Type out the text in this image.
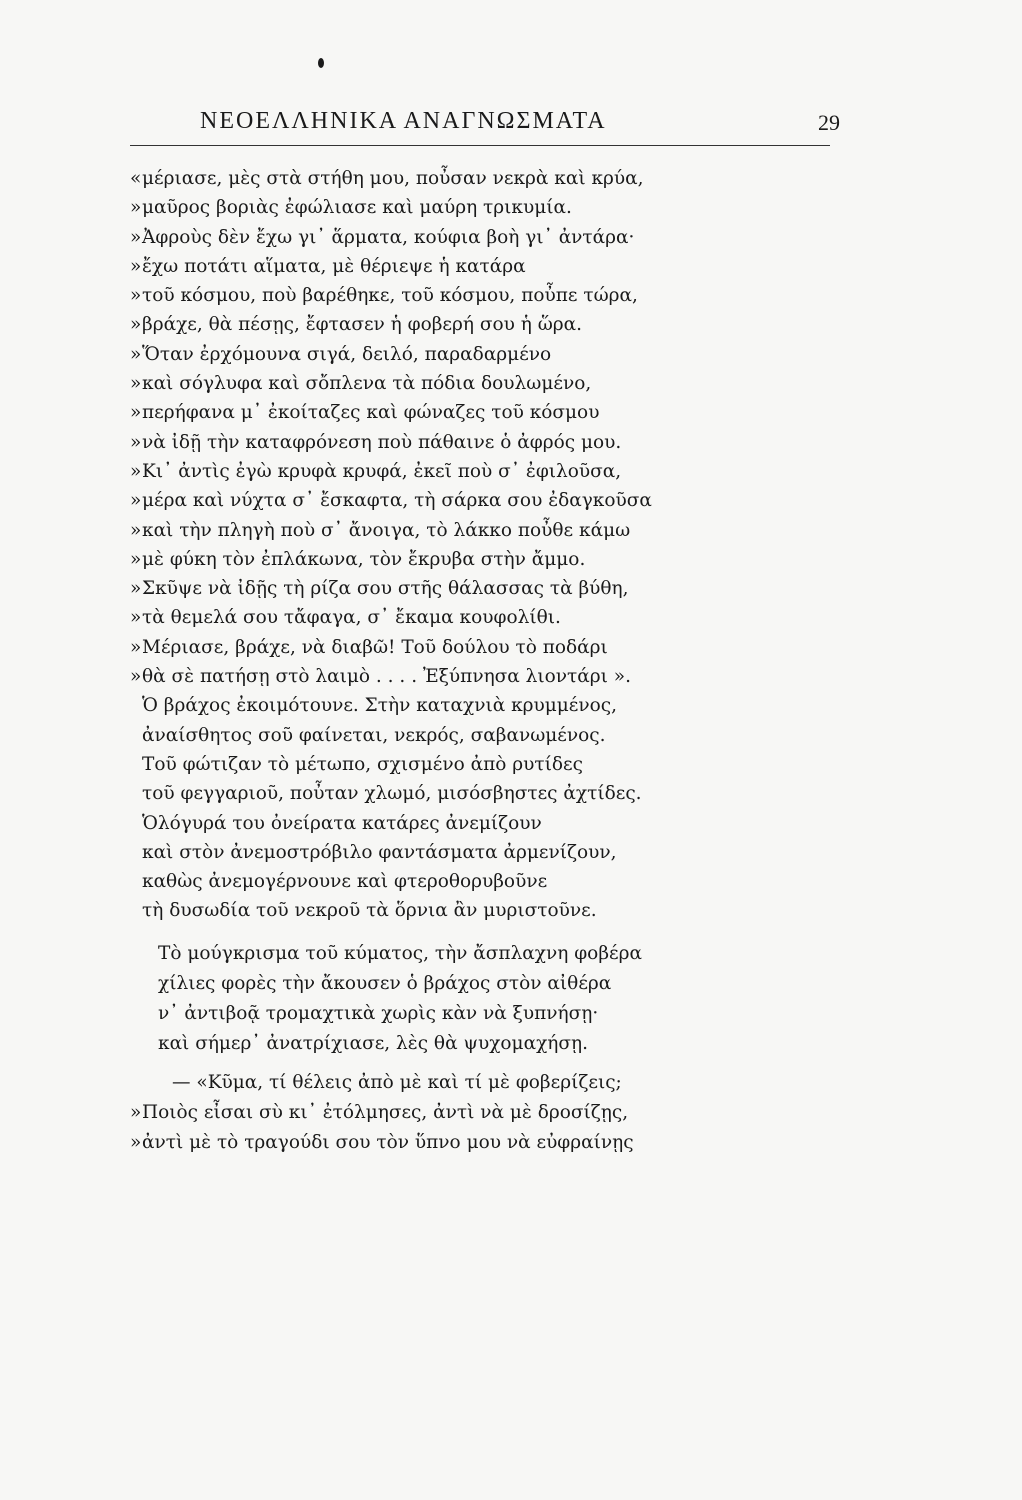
ΝΕΟΕΛΛΗΝΙΚΑ ΑΝΑΓΝΩΣΜΑΤΑ	29
«μέριασε, μὲς στὰ στήθη μου, ποὖσαν νεκρὰ καὶ κρύα,
»μαῦρος βοριὰς ἐφώλιασε καὶ μαύρη τρικυμία.
»Ἀφροὺς δὲν ἔχω γι᾿ ἅρματα, κούφια βοὴ γι᾿ ἀντάρα·
»ἔχω ποτάτι αἵματα, μὲ θέριεψε ἡ κατάρα
»τοῦ κόσμου, ποὺ βαρέθηκε, τοῦ κόσμου, ποὖπε τώρα,
»βράχε, θὰ πέσῃς, ἔφτασεν ἡ φοβερή σου ἡ ὥρα.
»Ὅταν ἐρχόμουνα σιγά, δειλό, παραδαρμένο
»καὶ σόγλυφα καὶ σὄπλενα τὰ πόδια δουλωμένο,
»περήφανα μ᾿ ἐκοίταζες καὶ φώναζες τοῦ κόσμου
»νὰ ἰδῇ τὴν καταφρόνεση ποὺ πάθαινε ὁ ἀφρός μου.
»Κι᾿ ἀντὶς ἐγὼ κρυφὰ κρυφά, ἐκεῖ ποὺ σ᾿ ἐφιλοῦσα,
»μέρα καὶ νύχτα σ᾿ ἔσκαφτα, τὴ σάρκα σου ἐδαγκοῦσα
»καὶ τὴν πληγὴ ποὺ σ᾿ ἄνοιγα, τὸ λάκκο ποὖθε κάμω
»μὲ φύκη τὸν ἐπλάκωνα, τὸν ἔκρυβα στὴν ἄμμο.
»Σκῦψε νὰ ἰδῇς τὴ ρίζα σου στῆς θάλασσας τὰ βύθη,
»τὰ θεμελά σου τἄφαγα, σ᾿ ἔκαμα κουφολίθι.
»Μέριασε, βράχε, νὰ διαβῶ! Τοῦ δούλου τὸ ποδάρι
»θὰ σὲ πατήσῃ στὸ λαιμὸ . . . . Ἐξύπνησα λιοντάρι ».
Ὁ βράχος ἐκοιμότουνε. Στὴν καταχνιὰ κρυμμένος,
ἀναίσθητος σοῦ φαίνεται, νεκρός, σαβανωμένος.
Τοῦ φώτιζαν τὸ μέτωπο, σχισμένο ἀπὸ ρυτίδες
τοῦ φεγγαριοῦ, ποὖταν χλωμό, μισόσβηστες ἀχτίδες.
Ὁλόγυρά του ὀνείρατα κατάρες ἀνεμίζουν
καὶ στὸν ἀνεμοστρόβιλο φαντάσματα ἀρμενίζουν,
καθὼς ἀνεμογέρνουνε καὶ φτεροθορυβοῦνε
τὴ δυσωδία τοῦ νεκροῦ τὰ ὅρνια ἂν μυριστοῦνε.
Τὸ μούγκρισμα τοῦ κύματος, τὴν ἄσπλαχνη φοβέρα
χίλιες φορὲς τὴν ἄκουσεν ὁ βράχος στὸν αἰθέρα
ν᾿ ἀντιβοᾷ τρομαχτικὰ χωρὶς κὰν νὰ ξυπνήσῃ·
καὶ σήμερ᾿ ἀνατρίχιασε, λὲς θὰ ψυχομαχήσῃ.
— «Κῦμα, τί θέλεις ἀπὸ μὲ καὶ τί μὲ φοβερίζεις;
»Ποιὸς εἶσαι σὺ κι᾿ ἐτόλμησες, ἀντὶ νὰ μὲ δροσίζῃς,
»ἀντὶ μὲ τὸ τραγούδι σου τὸν ὕπνο μου νὰ εὐφραίνῃς
